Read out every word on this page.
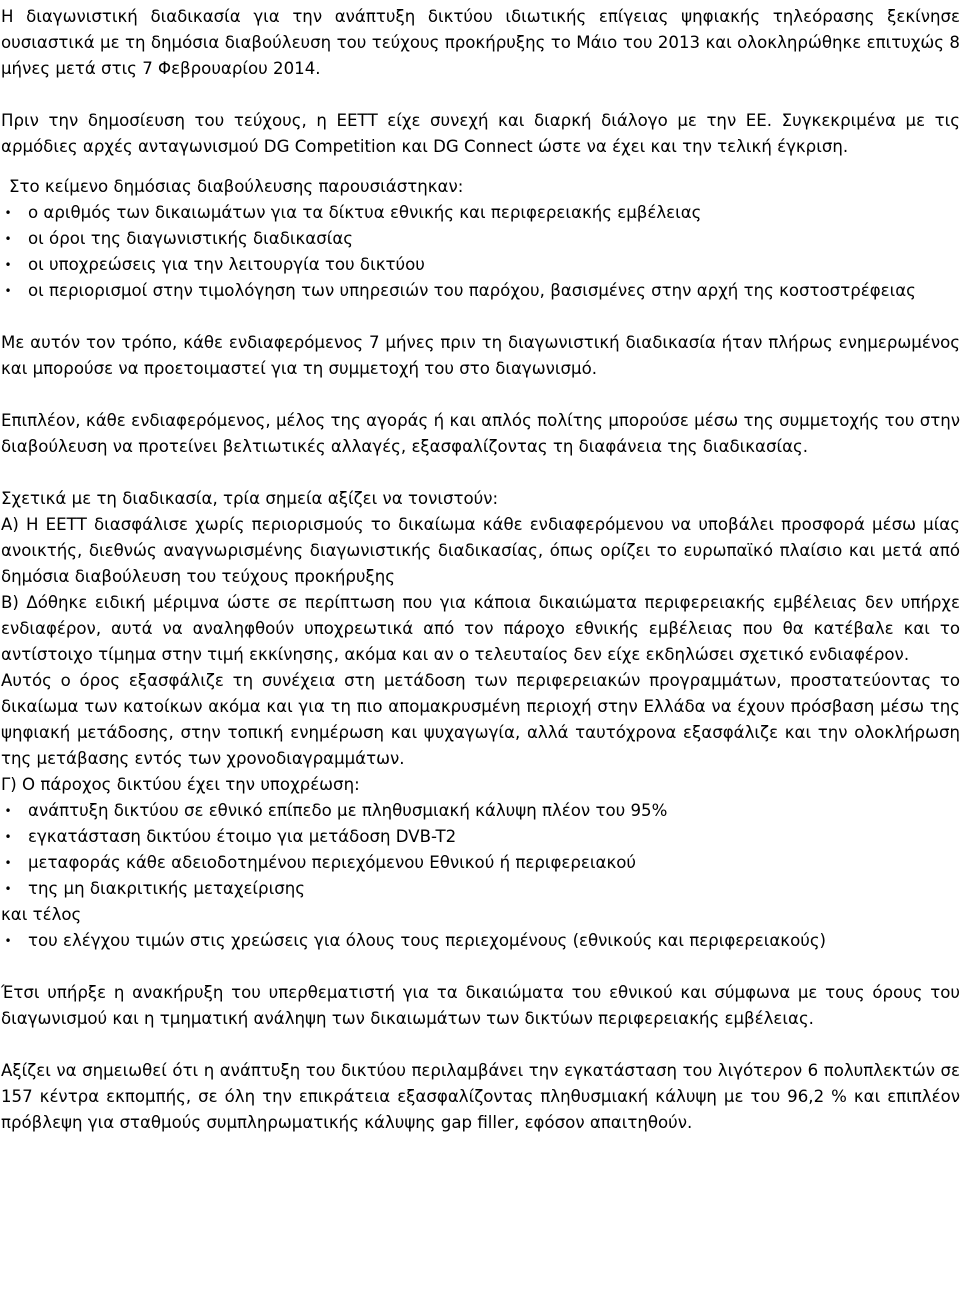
Η διαγωνιστική διαδικασία για την ανάπτυξη δικτύου ιδιωτικής επίγειας ψηφιακής τηλεόρασης ξεκίνησε ουσιαστικά με τη δημόσια διαβούλευση του τεύχους προκήρυξης το Μάιο του 2013 και ολοκληρώθηκε επιτυχώς 8 μήνες μετά στις 7 Φεβρουαρίου 2014.

Πριν την δημοσίευση του τεύχους, η ΕΕΤΤ είχε συνεχή και διαρκή διάλογο με την ΕΕ. Συγκεκριμένα με τις αρμόδιες αρχές ανταγωνισμού DG Competition και DG Connect ώστε να έχει και την τελική έγκριση.

Στο κείμενο δημόσιας διαβούλευσης παρουσιάστηκαν:

• ο αριθμός των δικαιωμάτων για τα δίκτυα εθνικής και περιφερειακής εμβέλειας
• οι όροι της διαγωνιστικής διαδικασίας
• οι υποχρεώσεις για την λειτουργία του δικτύου
• οι περιορισμοί στην τιμολόγηση των υπηρεσιών του παρόχου, βασισμένες στην αρχή της κοστοστρέφειας

Με αυτόν τον τρόπο, κάθε ενδιαφερόμενος 7 μήνες πριν τη διαγωνιστική διαδικασία ήταν πλήρως ενημερωμένος και μπορούσε να προετοιμαστεί για τη συμμετοχή του στο διαγωνισμό.

Επιπλέον, κάθε ενδιαφερόμενος, μέλος της αγοράς ή και απλός πολίτης μπορούσε μέσω της συμμετοχής του στην διαβούλευση να προτείνει βελτιωτικές αλλαγές, εξασφαλίζοντας τη διαφάνεια της διαδικασίας.

Σχετικά με τη διαδικασία, τρία σημεία αξίζει να τονιστούν:

Α) Η ΕΕΤΤ διασφάλισε χωρίς περιορισμούς το δικαίωμα κάθε ενδιαφερόμενου να υποβάλει προσφορά μέσω μίας ανοικτής, διεθνώς αναγνωρισμένης διαγωνιστικής διαδικασίας, όπως ορίζει το ευρωπαϊκό πλαίσιο και μετά από δημόσια διαβούλευση του τεύχους προκήρυξης

Β) Δόθηκε ειδική μέριμνα ώστε σε περίπτωση που για κάποια δικαιώματα περιφερειακής εμβέλειας δεν υπήρχε ενδιαφέρον, αυτά να αναληφθούν υποχρεωτικά από τον πάροχο εθνικής εμβέλειας που θα κατέβαλε και το αντίστοιχο τίμημα στην τιμή εκκίνησης, ακόμα και αν ο τελευταίος δεν είχε εκδηλώσει σχετικό ενδιαφέρον.

Αυτός ο όρος εξασφάλιζε τη συνέχεια στη μετάδοση των περιφερειακών προγραμμάτων, προστατεύοντας το δικαίωμα των κατοίκων ακόμα και για τη πιο απομακρυσμένη περιοχή στην Ελλάδα να έχουν πρόσβαση μέσω της ψηφιακή μετάδοσης, στην τοπική ενημέρωση και ψυχαγωγία, αλλά ταυτόχρονα εξασφάλιζε και την ολοκλήρωση της μετάβασης εντός των χρονοδιαγραμμάτων.

Γ) Ο πάροχος δικτύου έχει την υποχρέωση:

• ανάπτυξη δικτύου σε εθνικό επίπεδο με πληθυσμιακή κάλυψη πλέον του 95%
• εγκατάσταση δικτύου έτοιμο για μετάδοση DVB-T2
• μεταφοράς κάθε αδειοδοτημένου περιεχόμενου Εθνικού ή περιφερειακού
• της μη διακριτικής μεταχείρισης

και τέλος

• του ελέγχου τιμών στις χρεώσεις για όλους τους περιεχομένους (εθνικούς και περιφερειακούς)

Έτσι υπήρξε η ανακήρυξη του υπερθεματιστή για τα δικαιώματα του εθνικού και σύμφωνα με τους όρους του διαγωνισμού και η τμηματική ανάληψη των δικαιωμάτων των δικτύων περιφερειακής εμβέλειας.

Αξίζει να σημειωθεί ότι η ανάπτυξη του δικτύου περιλαμβάνει την εγκατάσταση του λιγότερον 6 πολυπλεκτών σε 157 κέντρα εκπομπής, σε όλη την επικράτεια εξασφαλίζοντας πληθυσμιακή κάλυψη με του 96,2 % και επιπλέον πρόβλεψη για σταθμούς συμπληρωματικής κάλυψης gap filler, εφόσον απαιτηθούν.
